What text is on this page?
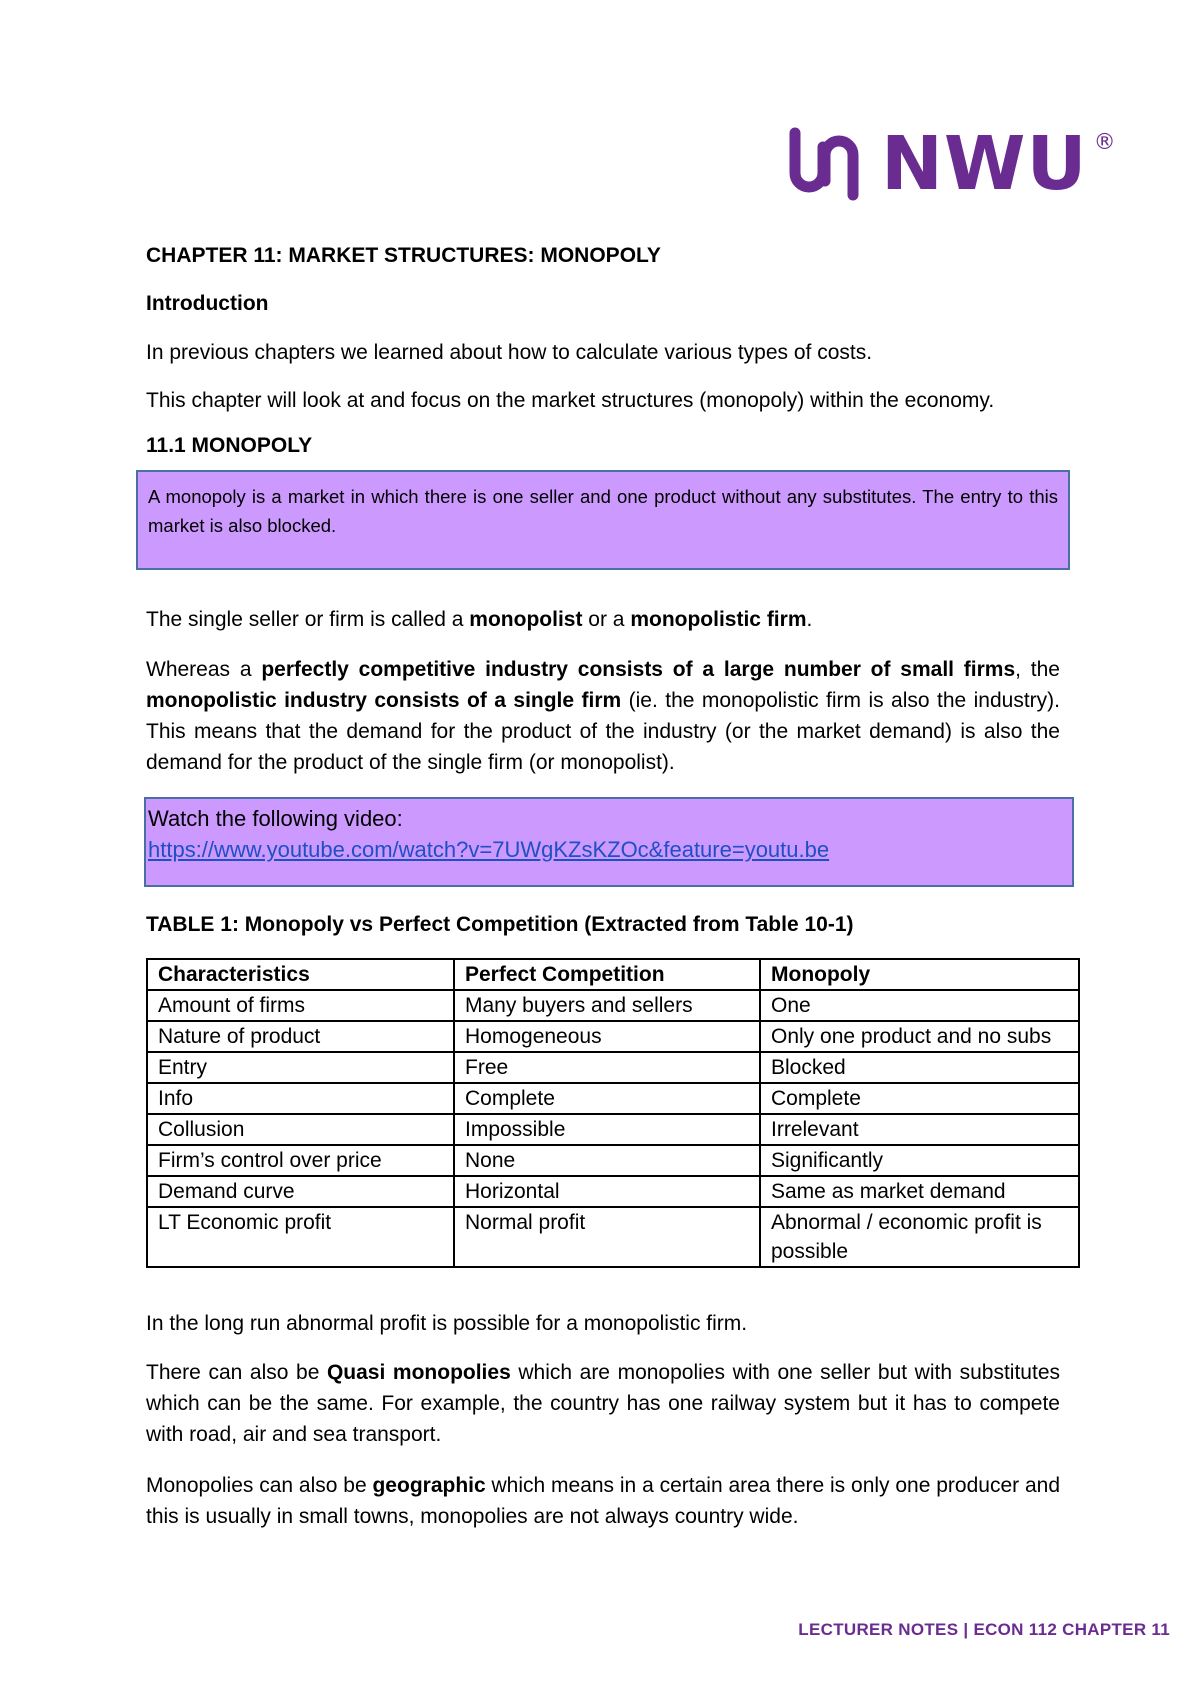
NWU ®

CHAPTER 11: MARKET STRUCTURES: MONOPOLY

Introduction

In previous chapters we learned about how to calculate various types of costs.

This chapter will look at and focus on the market structures (monopoly) within the economy.

11.1 MONOPOLY

A monopoly is a market in which there is one seller and one product without any substitutes. The entry to this market is also blocked.

The single seller or firm is called a monopolist or a monopolistic firm.

Whereas a perfectly competitive industry consists of a large number of small firms, the monopolistic industry consists of a single firm (ie. the monopolistic firm is also the industry). This means that the demand for the product of the industry (or the market demand) is also the demand for the product of the single firm (or monopolist).

Watch the following video:
https://www.youtube.com/watch?v=7UWgKZsKZOc&feature=youtu.be

TABLE 1: Monopoly vs Perfect Competition (Extracted from Table 10-1)

Characteristics	Perfect Competition	Monopoly
Amount of firms	Many buyers and sellers	One
Nature of product	Homogeneous	Only one product and no subs
Entry	Free	Blocked
Info	Complete	Complete
Collusion	Impossible	Irrelevant
Firm’s control over price	None	Significantly
Demand curve	Horizontal	Same as market demand
LT Economic profit	Normal profit	Abnormal / economic profit is possible

In the long run abnormal profit is possible for a monopolistic firm.

There can also be Quasi monopolies which are monopolies with one seller but with substitutes which can be the same. For example, the country has one railway system but it has to compete with road, air and sea transport.

Monopolies can also be geographic which means in a certain area there is only one producer and this is usually in small towns, monopolies are not always country wide.

LECTURER NOTES | ECON 112 CHAPTER 11
